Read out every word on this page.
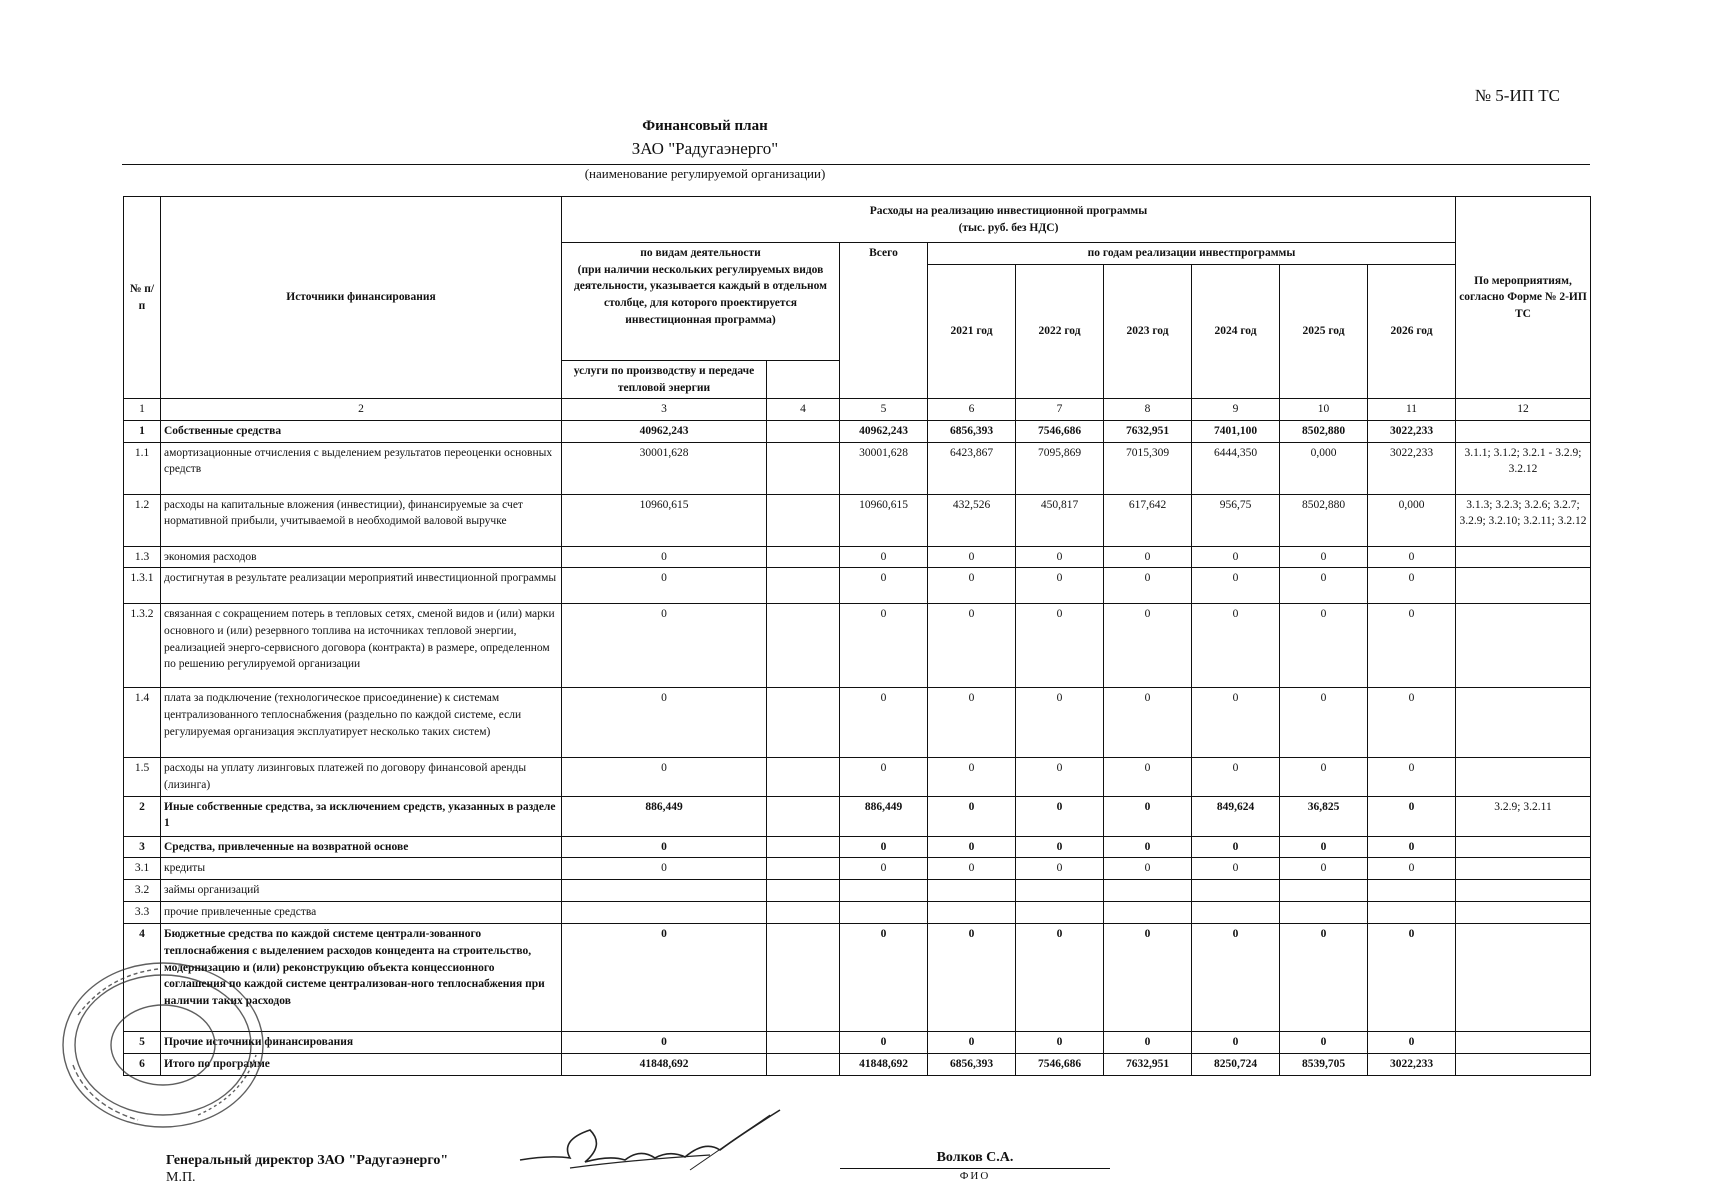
№ 5-ИП ТС
Финансовый план
ЗАО "Радугаэнерго"
(наименование регулируемой организации)
№ п/п	Источники финансирования	Расходы на реализацию инвестиционной программы
(тыс. руб. без НДС)									По мероприятиям, согласно Форме № 2-ИП ТС

		по видам деятельности
(при наличии нескольких регулируемых видов деятельности, указывается каждый в отдельном столбце, для которого проектируется инвестиционная программа)		Всего	по годам реализации инвестпрограммы						
					2021 год	2022 год	2023 год	2024 год	2025 год	2026 год	
		услуги по производству и передаче тепловой энергии									
1	2	3	4	5	6	7	8	9	10	11	12
1	Собственные средства	40962,243		40962,243	6856,393	7546,686	7632,951	7401,100	8502,880	3022,233	
1.1	амортизационные отчисления с выделением результатов переоценки основных средств	30001,628		30001,628	6423,867	7095,869	7015,309	6444,350	0,000	3022,233	3.1.1; 3.1.2; 3.2.1 - 3.2.9; 3.2.12
1.2	расходы на капитальные вложения (инвестиции), финансируемые за счет нормативной прибыли, учитываемой в необходимой валовой выручке	10960,615		10960,615	432,526	450,817	617,642	956,75	8502,880	0,000	3.1.3; 3.2.3; 3.2.6; 3.2.7; 3.2.9; 3.2.10; 3.2.11; 3.2.12
1.3	экономия расходов	0		0	0	0	0	0	0	0	
1.3.1	достигнутая в результате реализации мероприятий инвестиционной программы	0		0	0	0	0	0	0	0	
1.3.2	связанная с сокращением потерь в тепловых сетях, сменой видов и (или) марки основного и (или) резервного топлива на источниках тепловой энергии, реализацией энерго-сервисного договора (контракта) в размере, определенном по решению регулируемой организации	0		0	0	0	0	0	0	0	
1.4	плата за подключение (технологическое присоединение) к системам централизованного теплоснабжения (раздельно по каждой системе, если регулируемая организация эксплуатирует несколько таких систем)	0		0	0	0	0	0	0	0	
1.5	расходы на уплату лизинговых платежей по договору финансовой аренды (лизинга)	0		0	0	0	0	0	0	0	
2	Иные собственные средства, за исключением средств, указанных в разделе 1	886,449		886,449	0	0	0	849,624	36,825	0	3.2.9; 3.2.11
3	Средства, привлеченные на возвратной основе	0		0	0	0	0	0	0	0	
3.1	кредиты	0		0	0	0	0	0	0	0	
3.2	займы организаций										
3.3	прочие привлеченные средства										
4	Бюджетные средства по каждой системе централи-зованного теплоснабжения с выделением расходов концедента на строительство, модернизацию и (или) реконструкцию объекта концессионного соглашения по каждой системе централизован-ного теплоснабжения при наличии таких расходов	0		0	0	0	0	0	0	0	
5	Прочие источники финансирования	0		0	0	0	0	0	0	0	
6	Итого по программе	41848,692		41848,692	6856,393	7546,686	7632,951	8250,724	8539,705	3022,233	
Генеральный директор ЗАО "Радугаэнерго"
М.П.
Волков С.А.
ФИО
